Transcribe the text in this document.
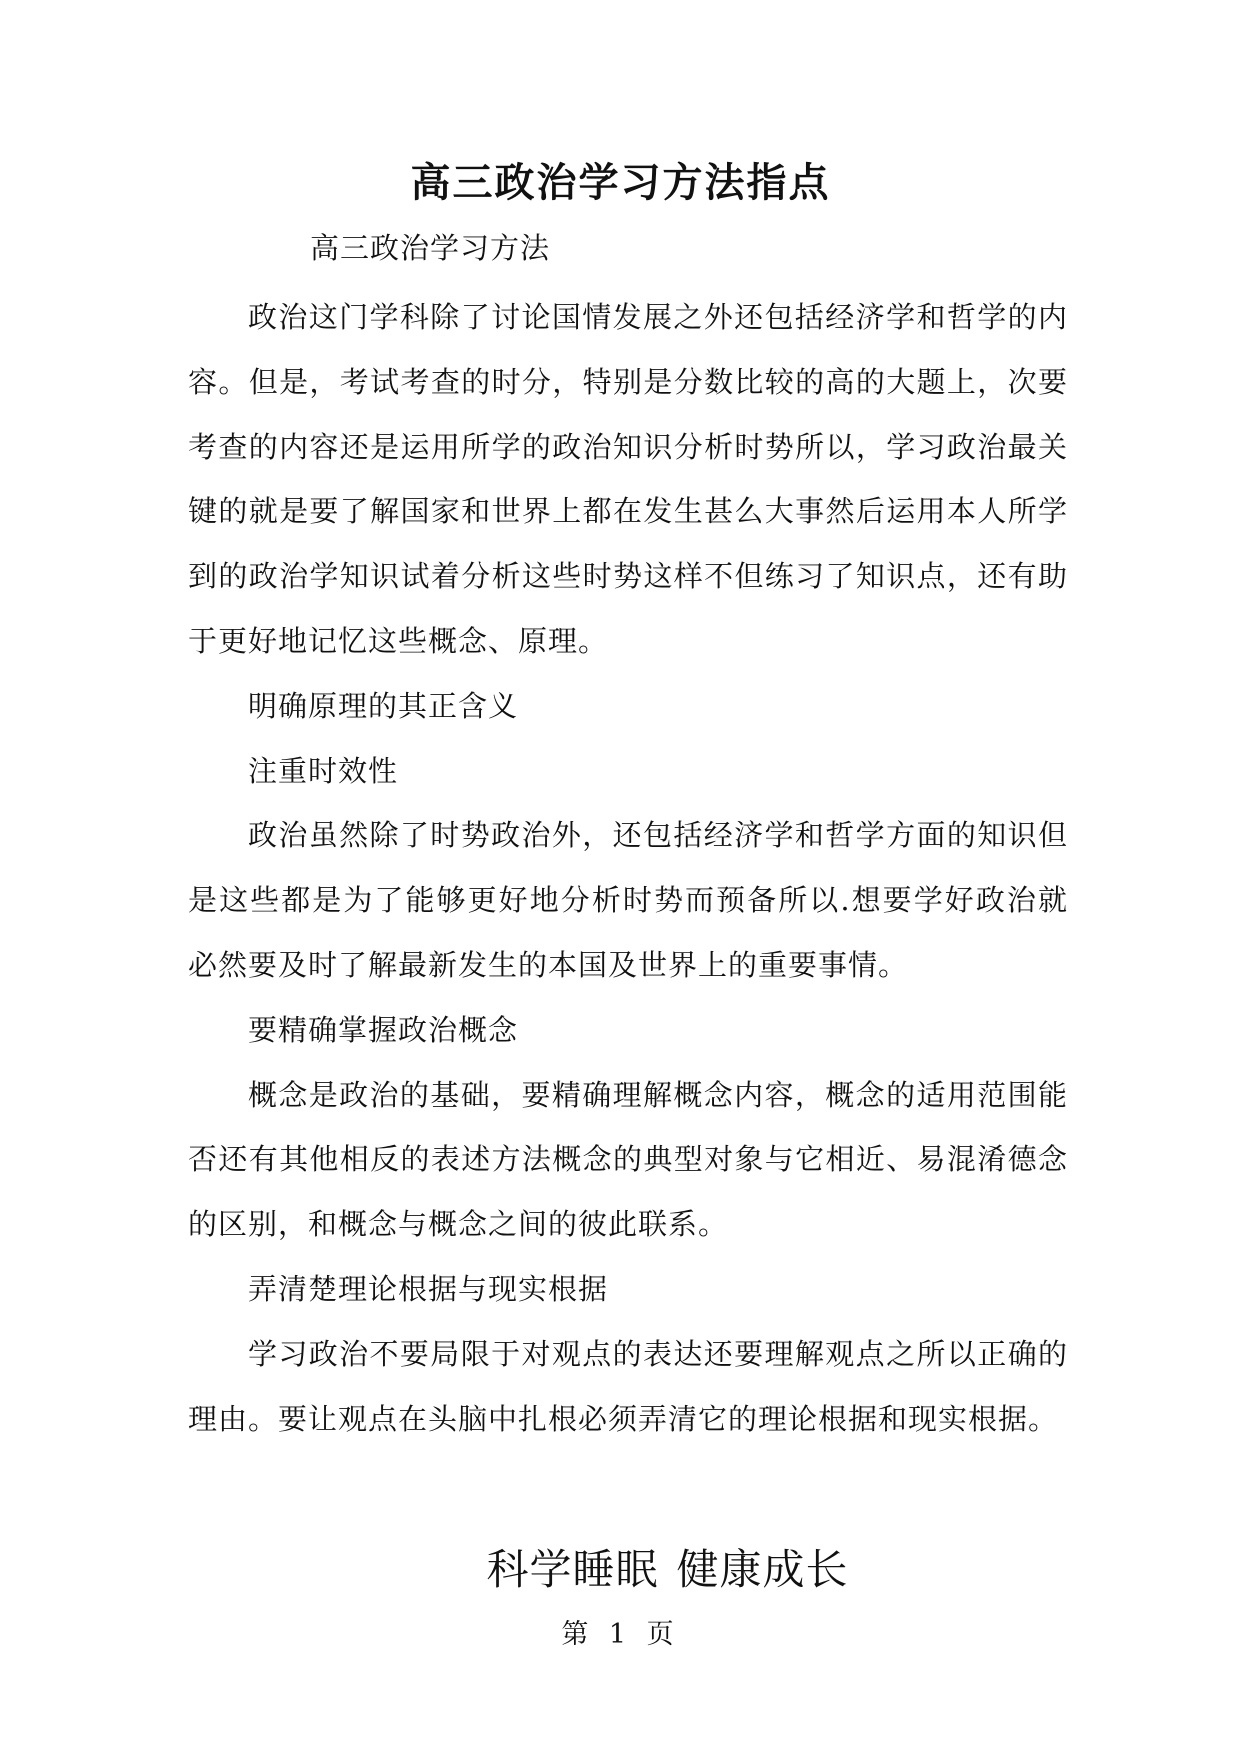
高三政治学习方法指点
高三政治学习方法

政治这门学科除了讨论国情发展之外还包括经济学和哲学的内容。但是，考试考查的时分，特别是分数比较的高的大题上，次要考查的内容还是运用所学的政治知识分析时势所以，学习政治最关键的就是要了解国家和世界上都在发生甚么大事然后运用本人所学到的政治学知识试着分析这些时势这样不但练习了知识点，还有助于更好地记忆这些概念、原理。

明确原理的其正含义

注重时效性

政治虽然除了时势政治外，还包括经济学和哲学方面的知识但是这些都是为了能够更好地分析时势而预备所以.想要学好政治就必然要及时了解最新发生的本国及世界上的重要事情。

要精确掌握政治概念

概念是政治的基础，要精确理解概念内容，概念的适用范围能否还有其他相反的表述方法概念的典型对象与它相近、易混淆德念的区别，和概念与概念之间的彼此联系。

弄清楚理论根据与现实根据

学习政治不要局限于对观点的表达还要理解观点之所以正确的理由。要让观点在头脑中扎根必须弄清它的理论根据和现实根据。

科学睡眠 健康成长
第 1 页
